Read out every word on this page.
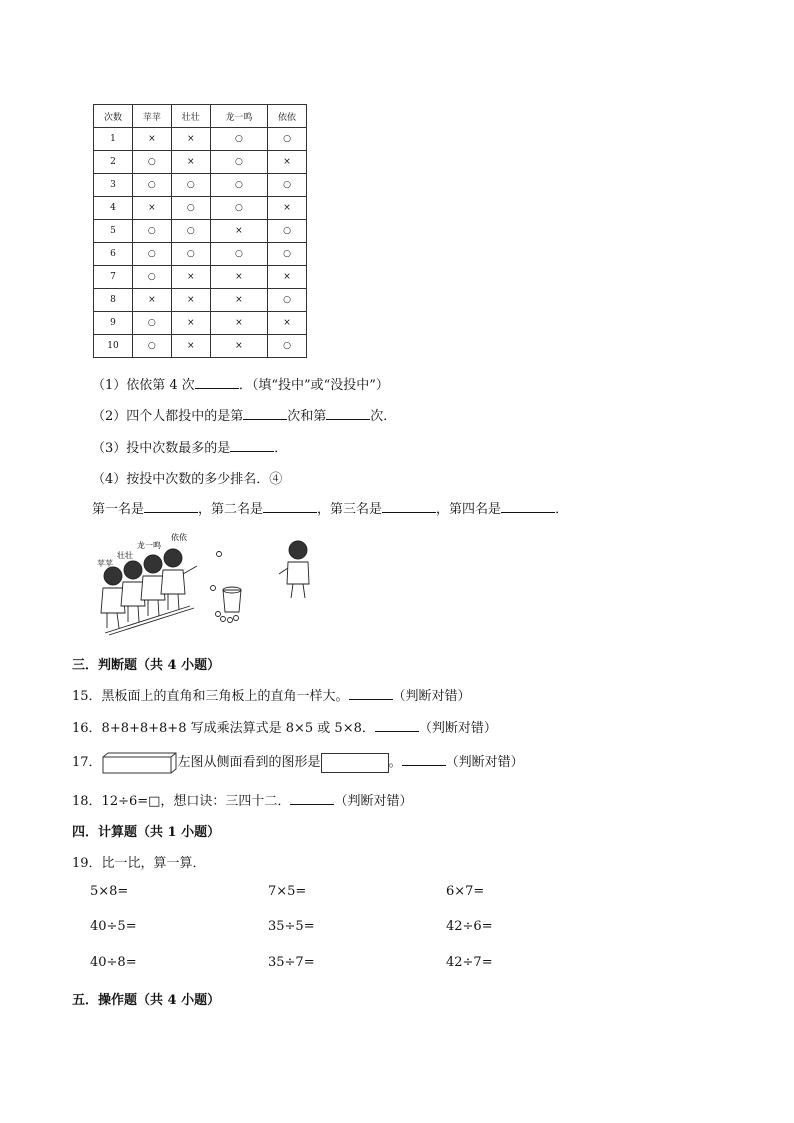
次数	苹苹	壮壮	龙一鸣	依依
1	×	×	○	○
2	○	×	○	×
3	○	○	○	○
4	×	○	○	×
5	○	○	×	○
6	○	○	○	○
7	○	×	×	×
8	×	×	×	○
9	○	×	×	×
10	○	×	×	○
（1）依依第 4 次	．（填“投中”或“没投中”）
（2）四个人都投中的是第	次和第	次．
（3）投中次数最多的是	．
（4）按投中次数的多少排名．④
第一名是	，第二名是	，第三名是	，第四名是	．
苹苹
壮壮
龙一鸣
依依
三．判断题（共 4 小题）
15．黑板面上的直角和三角板上的直角一样大。	（判断对错）
16．8+8+8+8+8 写成乘法算式是 8×5 或 5×8．	（判断对错）
17．	左图从侧面看到的图形是	。	（判断对错）
18．12÷6=□，想口诀：三四十二．	（判断对错）
四．计算题（共 1 小题）
19．比一比，算一算．
5×8=	7×5=	6×7=
40÷5=	35÷5=	42÷6=
40÷8=	35÷7=	42÷7=
五．操作题（共 4 小题）
